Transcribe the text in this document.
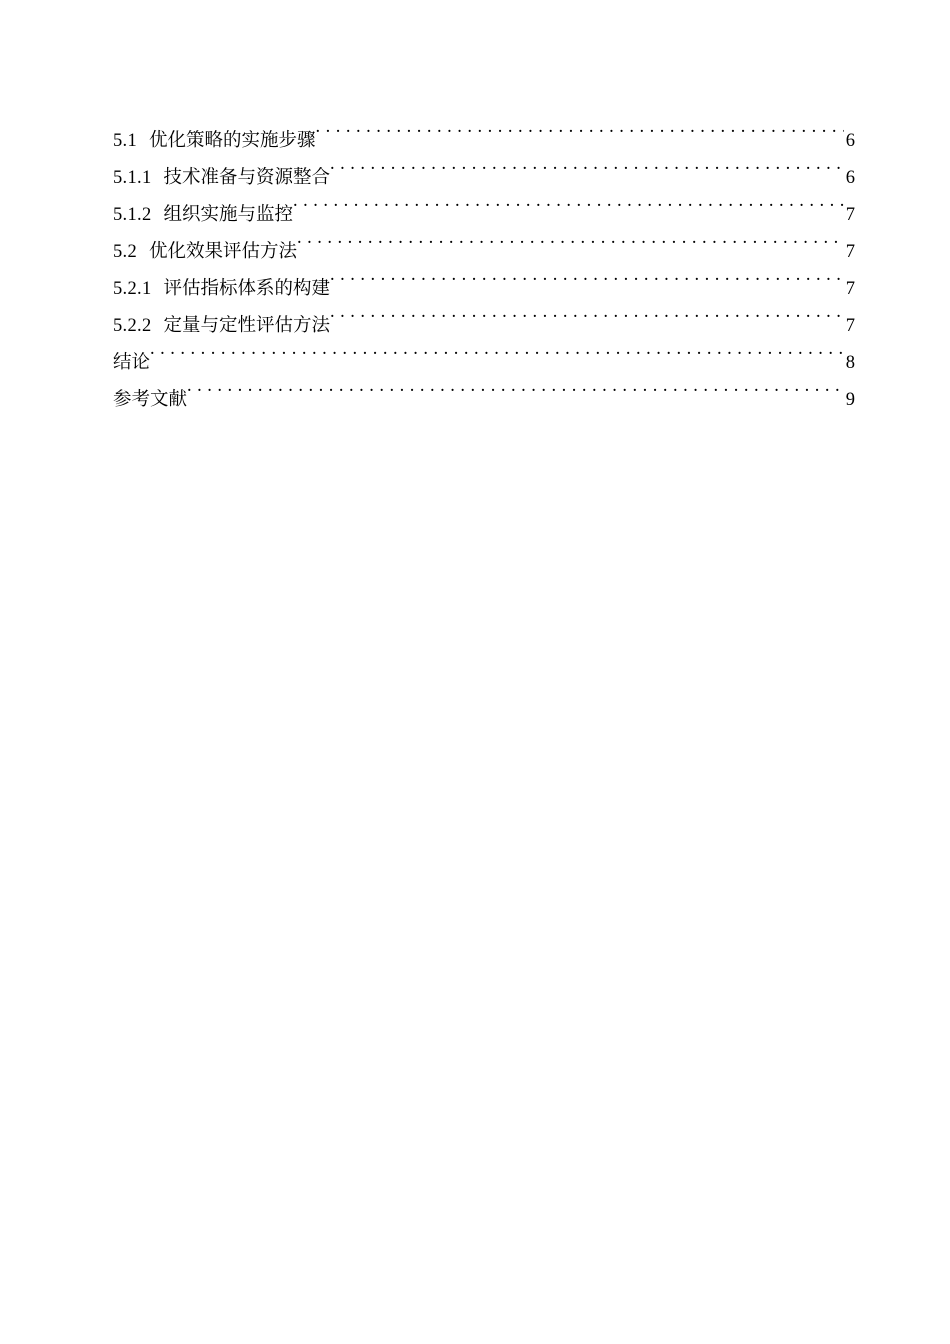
5.1 优化策略的实施步骤 .....	6
5.1.1 技术准备与资源整合 .....	6
5.1.2 组织实施与监控 .....	7
5.2 优化效果评估方法 .....	7
5.2.1 评估指标体系的构建 .....	7
5.2.2 定量与定性评估方法 .....	7
结论 .....	8
参考文献 .....	9
